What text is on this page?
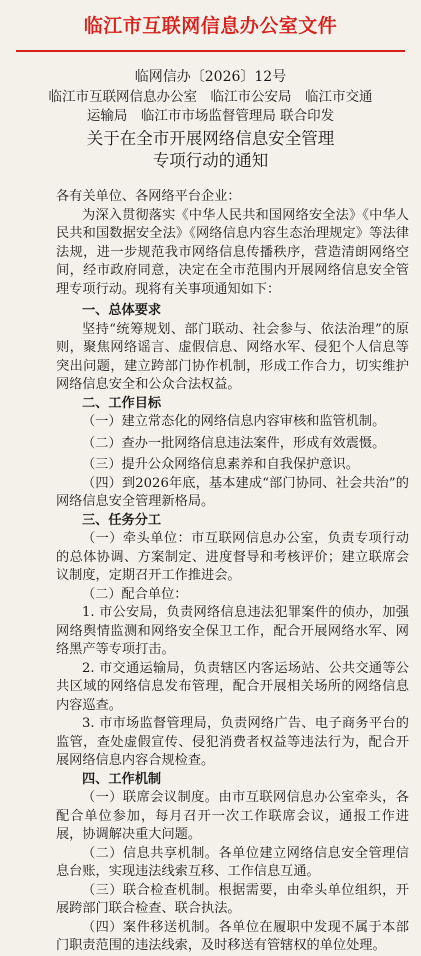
临江市互联网信息办公室文件
临网信办〔2026〕12号
临江市互联网信息办公室　临江市公安局　临江市交通
运输局　临江市市场监督管理局 联合印发
关于在全市开展网络信息安全管理
专项行动的通知

各有关单位、各网络平台企业：

为深入贯彻落实《中华人民共和国网络安全法》《中华人民共和国数据安全法》《网络信息内容生态治理规定》等法律法规，进一步规范我市网络信息传播秩序，营造清朗网络空间，经市政府同意，决定在全市范围内开展网络信息安全管理专项行动。现将有关事项通知如下：

一、总体要求

坚持“统筹规划、部门联动、社会参与、依法治理”的原则，聚焦网络谣言、虚假信息、网络水军、侵犯个人信息等突出问题，建立跨部门协作机制，形成工作合力，切实维护网络信息安全和公众合法权益。

二、工作目标

（一）建立常态化的网络信息内容审核和监管机制。

（二）查办一批网络信息违法案件，形成有效震慑。

（三）提升公众网络信息素养和自我保护意识。

（四）到2026年底，基本建成“部门协同、社会共治”的网络信息安全管理新格局。

三、任务分工

（一）牵头单位：市互联网信息办公室，负责专项行动的总体协调、方案制定、进度督导和考核评价；建立联席会议制度，定期召开工作推进会。

（二）配合单位：

1. 市公安局，负责网络信息违法犯罪案件的侦办，加强网络舆情监测和网络安全保卫工作，配合开展网络水军、网络黑产等专项打击。

2. 市交通运输局，负责辖区内客运场站、公共交通等公共区域的网络信息发布管理，配合开展相关场所的网络信息内容巡查。

3. 市市场监督管理局，负责网络广告、电子商务平台的监管，查处虚假宣传、侵犯消费者权益等违法行为，配合开展网络信息内容合规检查。

四、工作机制

（一）联席会议制度。由市互联网信息办公室牵头，各配合单位参加，每月召开一次工作联席会议，通报工作进展，协调解决重大问题。

（二）信息共享机制。各单位建立网络信息安全管理信息台账，实现违法线索互移、工作信息互通。

（三）联合检查机制。根据需要，由牵头单位组织，开展跨部门联合检查、联合执法。

（四）案件移送机制。各单位在履职中发现不属于本部门职责范围的违法线索，及时移送有管辖权的单位处理。
